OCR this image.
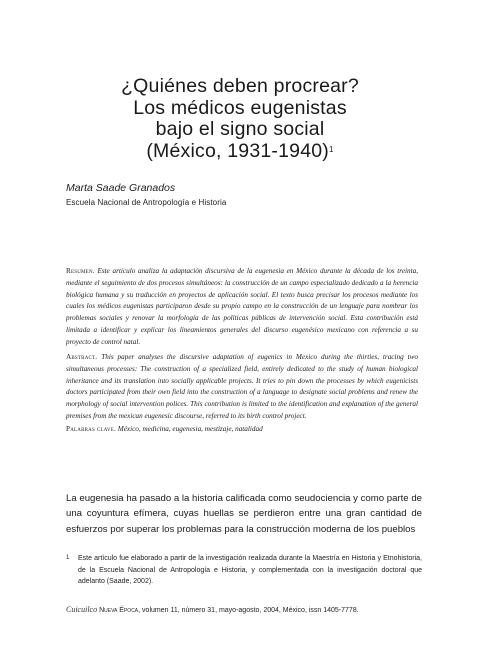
¿Quiénes deben procrear?
Los médicos eugenistas
bajo el signo social
(México, 1931-1940)$^1$
Marta Saade Granados
Escuela Nacional de Antropología e Historia
Resumen. Este artículo analiza la adaptación discursiva de la eugenesia en México durante la década de los treinta, mediante el seguimiento de dos procesos simultáneos: la construcción de un campo especializado dedicado a la herencia biológica humana y su traducción en proyectos de aplicación social. El texto busca precisar los procesos mediante los cuales los médicos eugenistas participaron desde su propio campo en la construcción de un lenguaje para nombrar los problemas sociales y renovar la morfología de las políticas públicas de intervención social. Esta contribución está limitada a identificar y explicar los lineamientos generales del discurso eugenésico mexicano con referencia a su proyecto de control natal.
Abstract. This paper analyses the discursive adaptation of eugenics in Mexico during the thirties, tracing two simultaneous processes: The construction of a specialized field, entirely dedicated to the study of human biological inheritance and its translation into socially applicable projects. It tries to pin down the processes by which eugenicists doctors participated from their own field into the construction of a language to designate social problems and renew the morphology of social intervention polices. This contribution is limited to the identification and explanation of the general premises from the mexican eugenesic discourse, referred to its birth control project.
Palabras clave. México, medicina, eugenesia, mestizaje, natalidad

La eugenesia ha pasado a la historia calificada como seudociencia y como parte de una coyuntura efímera, cuyas huellas se perdieron entre una gran cantidad de esfuerzos por superar los problemas para la construcción moderna de los pueblos

1	Este artículo fue elaborado a partir de la investigación realizada durante la Maestría en Historia y Etnohistoria, de la Escuela Nacional de Antropología e Historia, y complementada con la investigación doctoral que adelanto (Saade, 2002).
Cuicuilco Nueva Época, volumen 11, número 31, mayo-agosto, 2004, México, issn 1405-7778.
